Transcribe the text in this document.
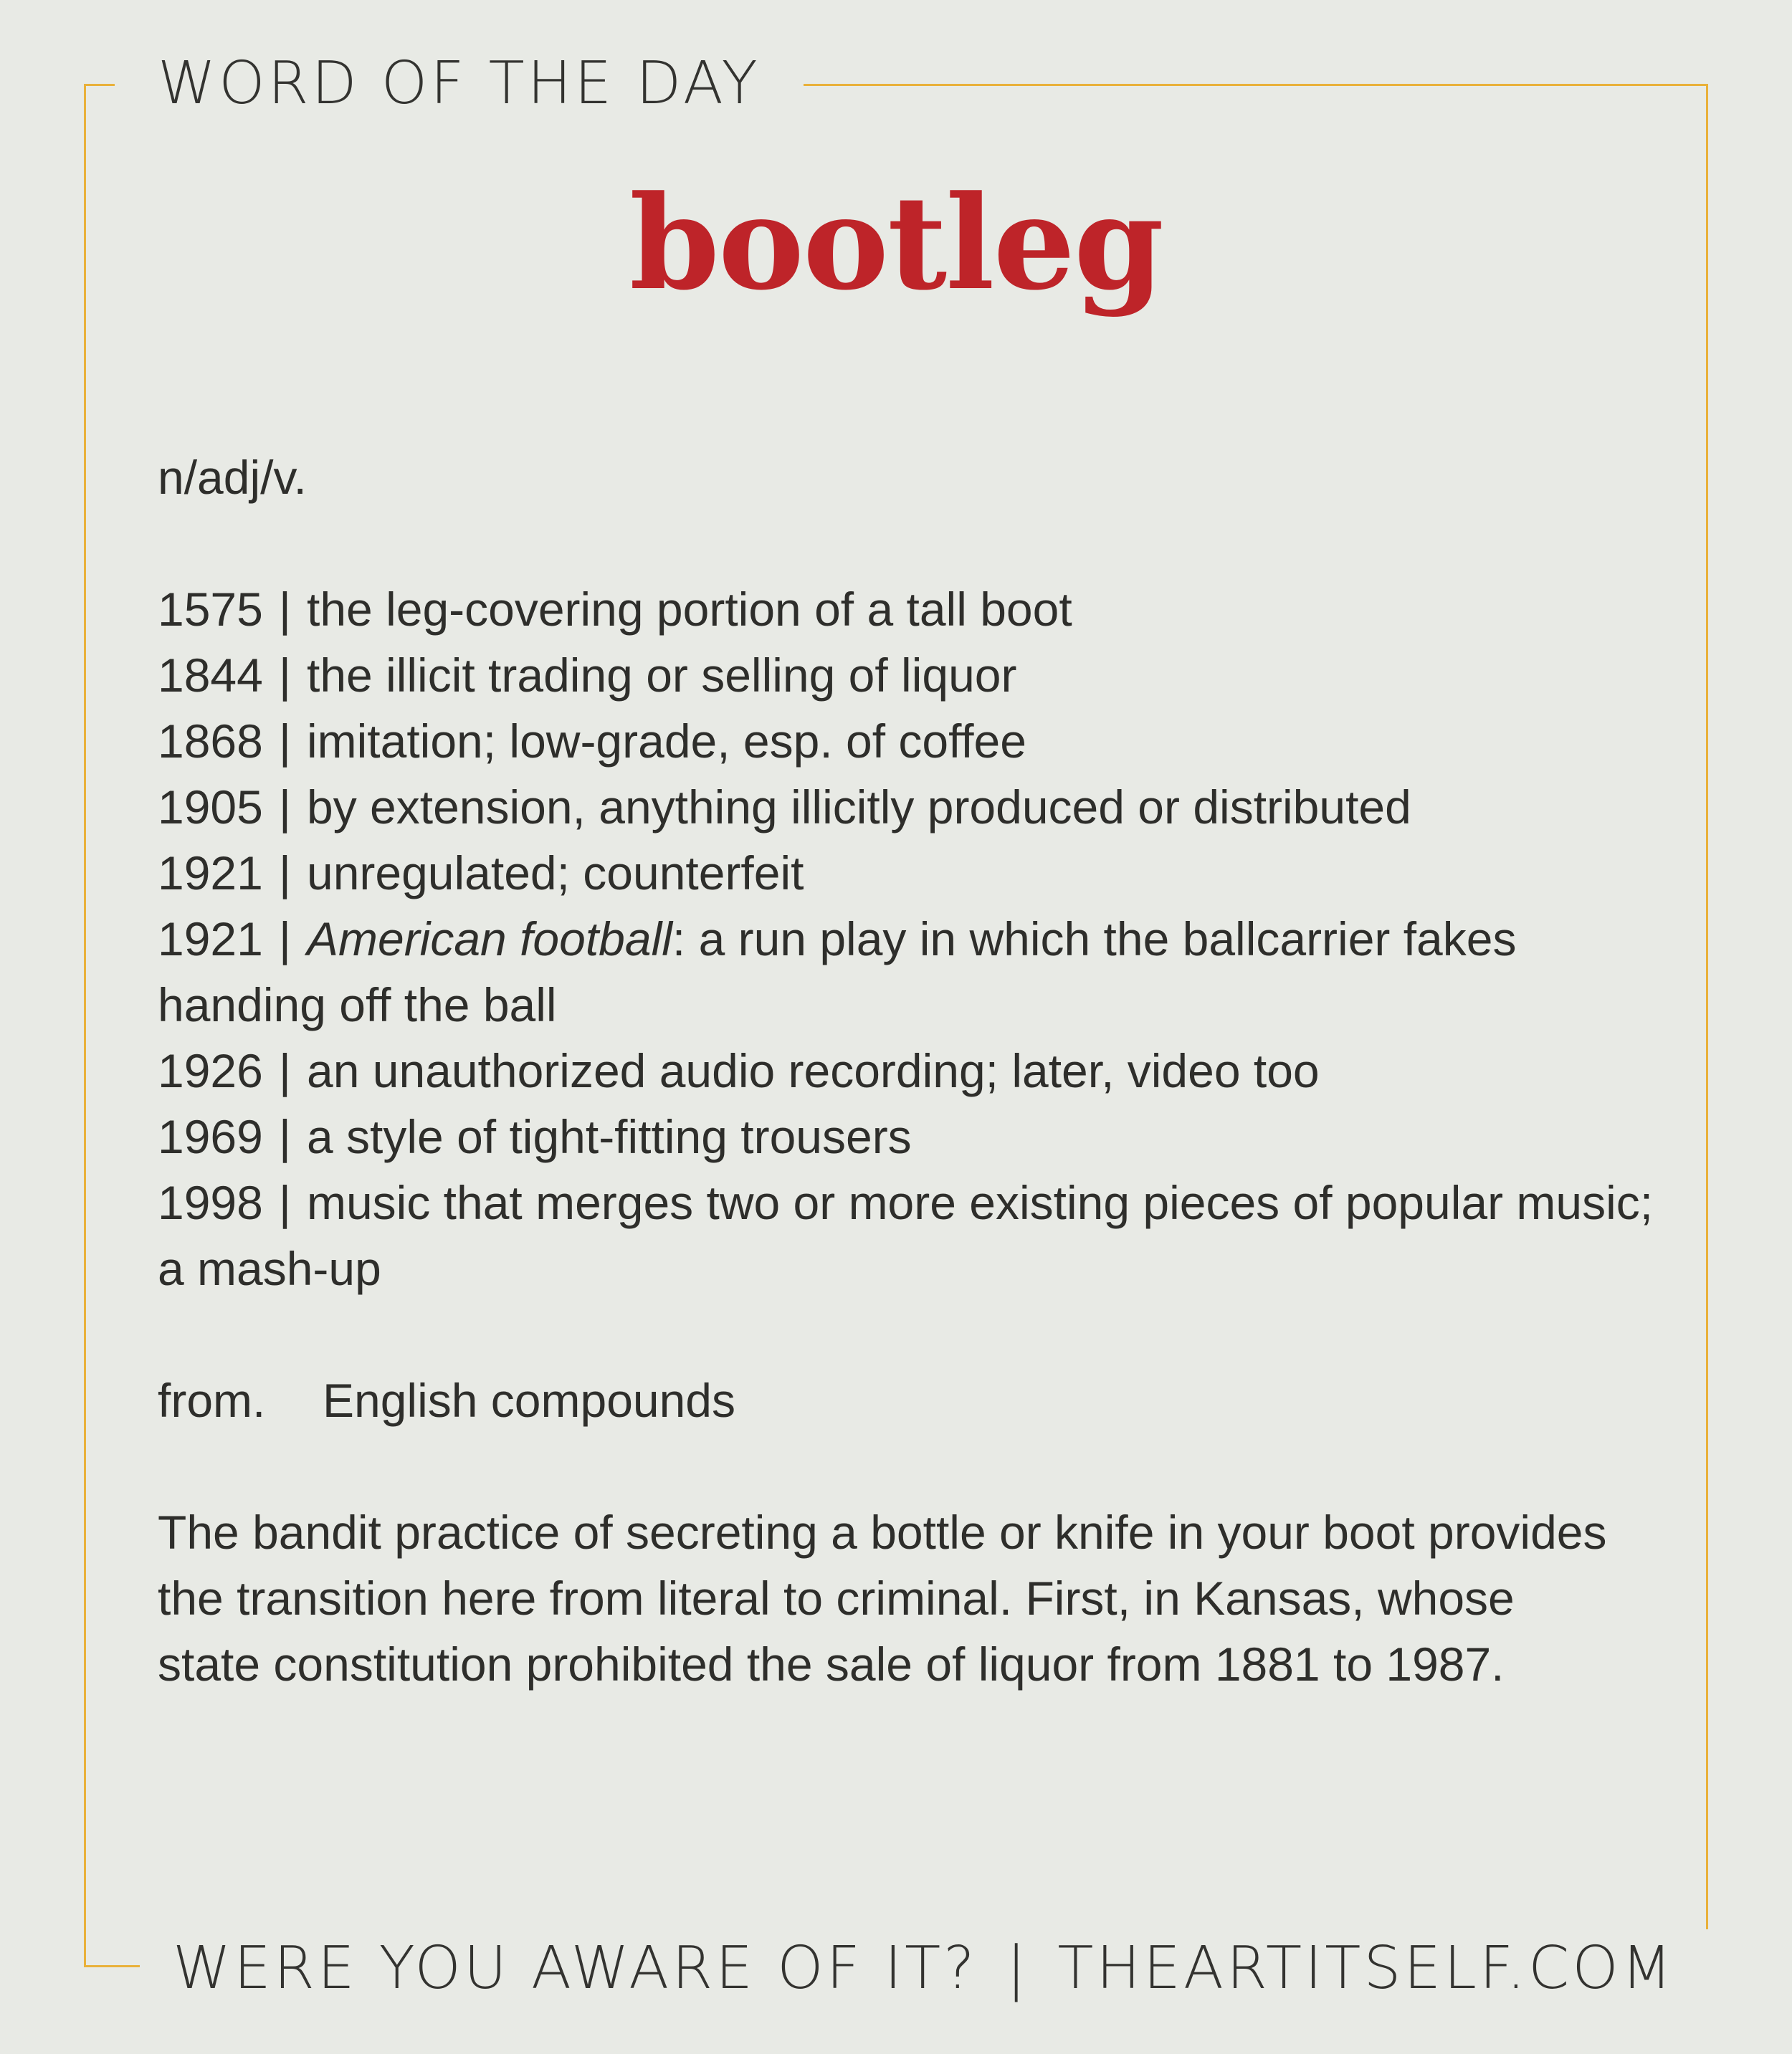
WORD OF THE DAY
bootleg

n/adj/v.

1575 | the leg-covering portion of a tall boot

1844 | the illicit trading or selling of liquor

1868 | imitation; low-grade, esp. of coffee

1905 | by extension, anything illicitly produced or distributed

1921 | unregulated; counterfeit

1921 | American football: a run play in which the ballcarrier fakes handing off the ball

1926 | an unauthorized audio recording; later, video too

1969 | a style of tight-fitting trousers

1998 | music that merges two or more existing pieces of popular music; a mash-up

from. English compounds

The bandit practice of secreting a bottle or knife in your boot provides the transition here from literal to criminal. First, in Kansas, whose state constitution prohibited the sale of liquor from 1881 to 1987.

WERE YOU AWARE OF IT? | THEARTITSELF.COM
